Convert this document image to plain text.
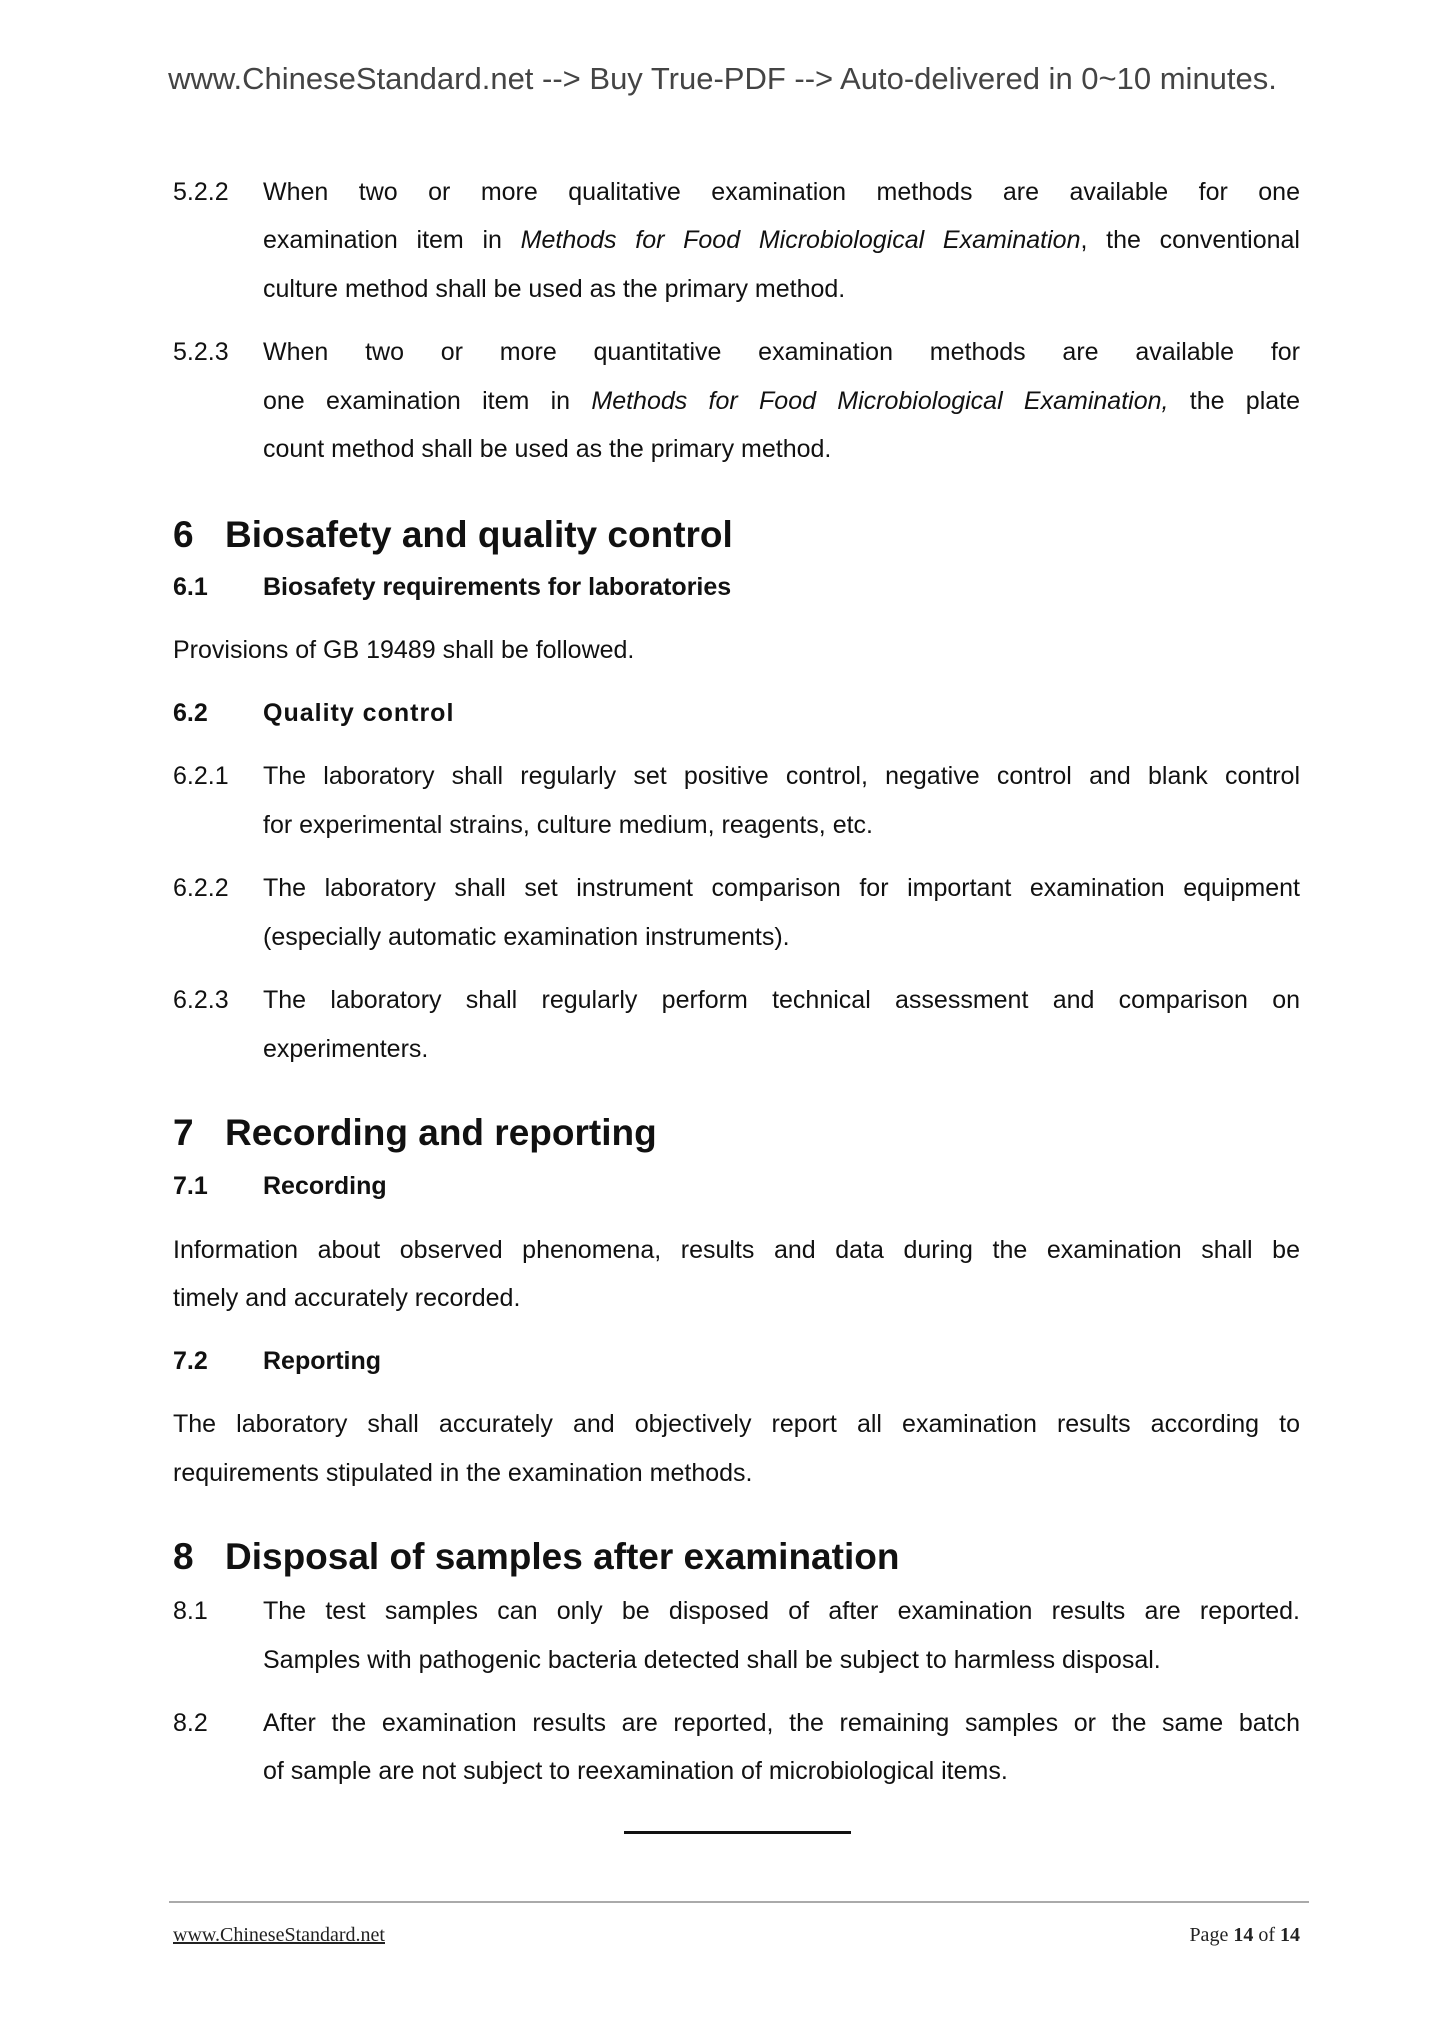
www.ChineseStandard.net --> Buy True-PDF --> Auto-delivered in 0~10 minutes.
5.2.2 When two or more qualitative examination methods are available for one
examination item in Methods for Food Microbiological Examination, the conventional
culture method shall be used as the primary method.
5.2.3 When two or more quantitative examination methods are available for
one examination item in Methods for Food Microbiological Examination, the plate
count method shall be used as the primary method.
6 Biosafety and quality control
6.1 Biosafety requirements for laboratories
Provisions of GB 19489 shall be followed.
6.2 Quality control
6.2.1 The laboratory shall regularly set positive control, negative control and blank control
for experimental strains, culture medium, reagents, etc.
6.2.2 The laboratory shall set instrument comparison for important examination equipment
(especially automatic examination instruments).
6.2.3 The laboratory shall regularly perform technical assessment and comparison on
experimenters.
7 Recording and reporting
7.1 Recording
Information about observed phenomena, results and data during the examination shall be
timely and accurately recorded.
7.2 Reporting
The laboratory shall accurately and objectively report all examination results according to
requirements stipulated in the examination methods.
8 Disposal of samples after examination
8.1 The test samples can only be disposed of after examination results are reported.
Samples with pathogenic bacteria detected shall be subject to harmless disposal.
8.2 After the examination results are reported, the remaining samples or the same batch
of sample are not subject to reexamination of microbiological items.
www.ChineseStandard.net	Page 14 of 14
